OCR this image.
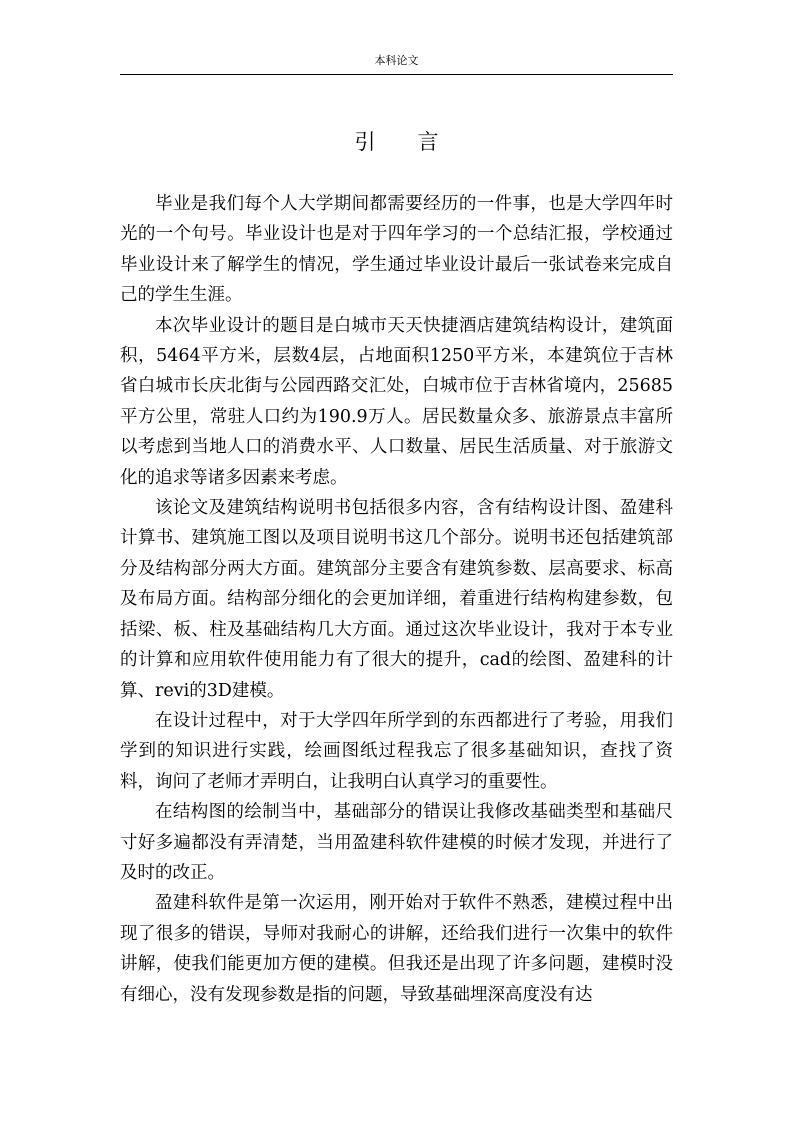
本科论文
引言

毕业是我们每个人大学期间都需要经历的一件事，也是大学四年时光的一个句号。毕业设计也是对于四年学习的一个总结汇报，学校通过毕业设计来了解学生的情况，学生通过毕业设计最后一张试卷来完成自己的学生生涯。

本次毕业设计的题目是白城市天天快捷酒店建筑结构设计，建筑面积，5464平方米，层数4层，占地面积1250平方米，本建筑位于吉林省白城市长庆北街与公园西路交汇处，白城市位于吉林省境内，25685平方公里，常驻人口约为190.9万人。居民数量众多、旅游景点丰富所以考虑到当地人口的消费水平、人口数量、居民生活质量、对于旅游文化的追求等诸多因素来考虑。

该论文及建筑结构说明书包括很多内容，含有结构设计图、盈建科计算书、建筑施工图以及项目说明书这几个部分。说明书还包括建筑部分及结构部分两大方面。建筑部分主要含有建筑参数、层高要求、标高及布局方面。结构部分细化的会更加详细，着重进行结构构建参数，包括梁、板、柱及基础结构几大方面。通过这次毕业设计，我对于本专业的计算和应用软件使用能力有了很大的提升，cad的绘图、盈建科的计算、revi的3D建模。

在设计过程中，对于大学四年所学到的东西都进行了考验，用我们学到的知识进行实践，绘画图纸过程我忘了很多基础知识，查找了资料，询问了老师才弄明白，让我明白认真学习的重要性。

在结构图的绘制当中，基础部分的错误让我修改基础类型和基础尺寸好多遍都没有弄清楚，当用盈建科软件建模的时候才发现，并进行了及时的改正。

盈建科软件是第一次运用，刚开始对于软件不熟悉，建模过程中出现了很多的错误，导师对我耐心的讲解，还给我们进行一次集中的软件讲解，使我们能更加方便的建模。但我还是出现了许多问题，建模时没有细心，没有发现参数是指的问题，导致基础埋深高度没有达
